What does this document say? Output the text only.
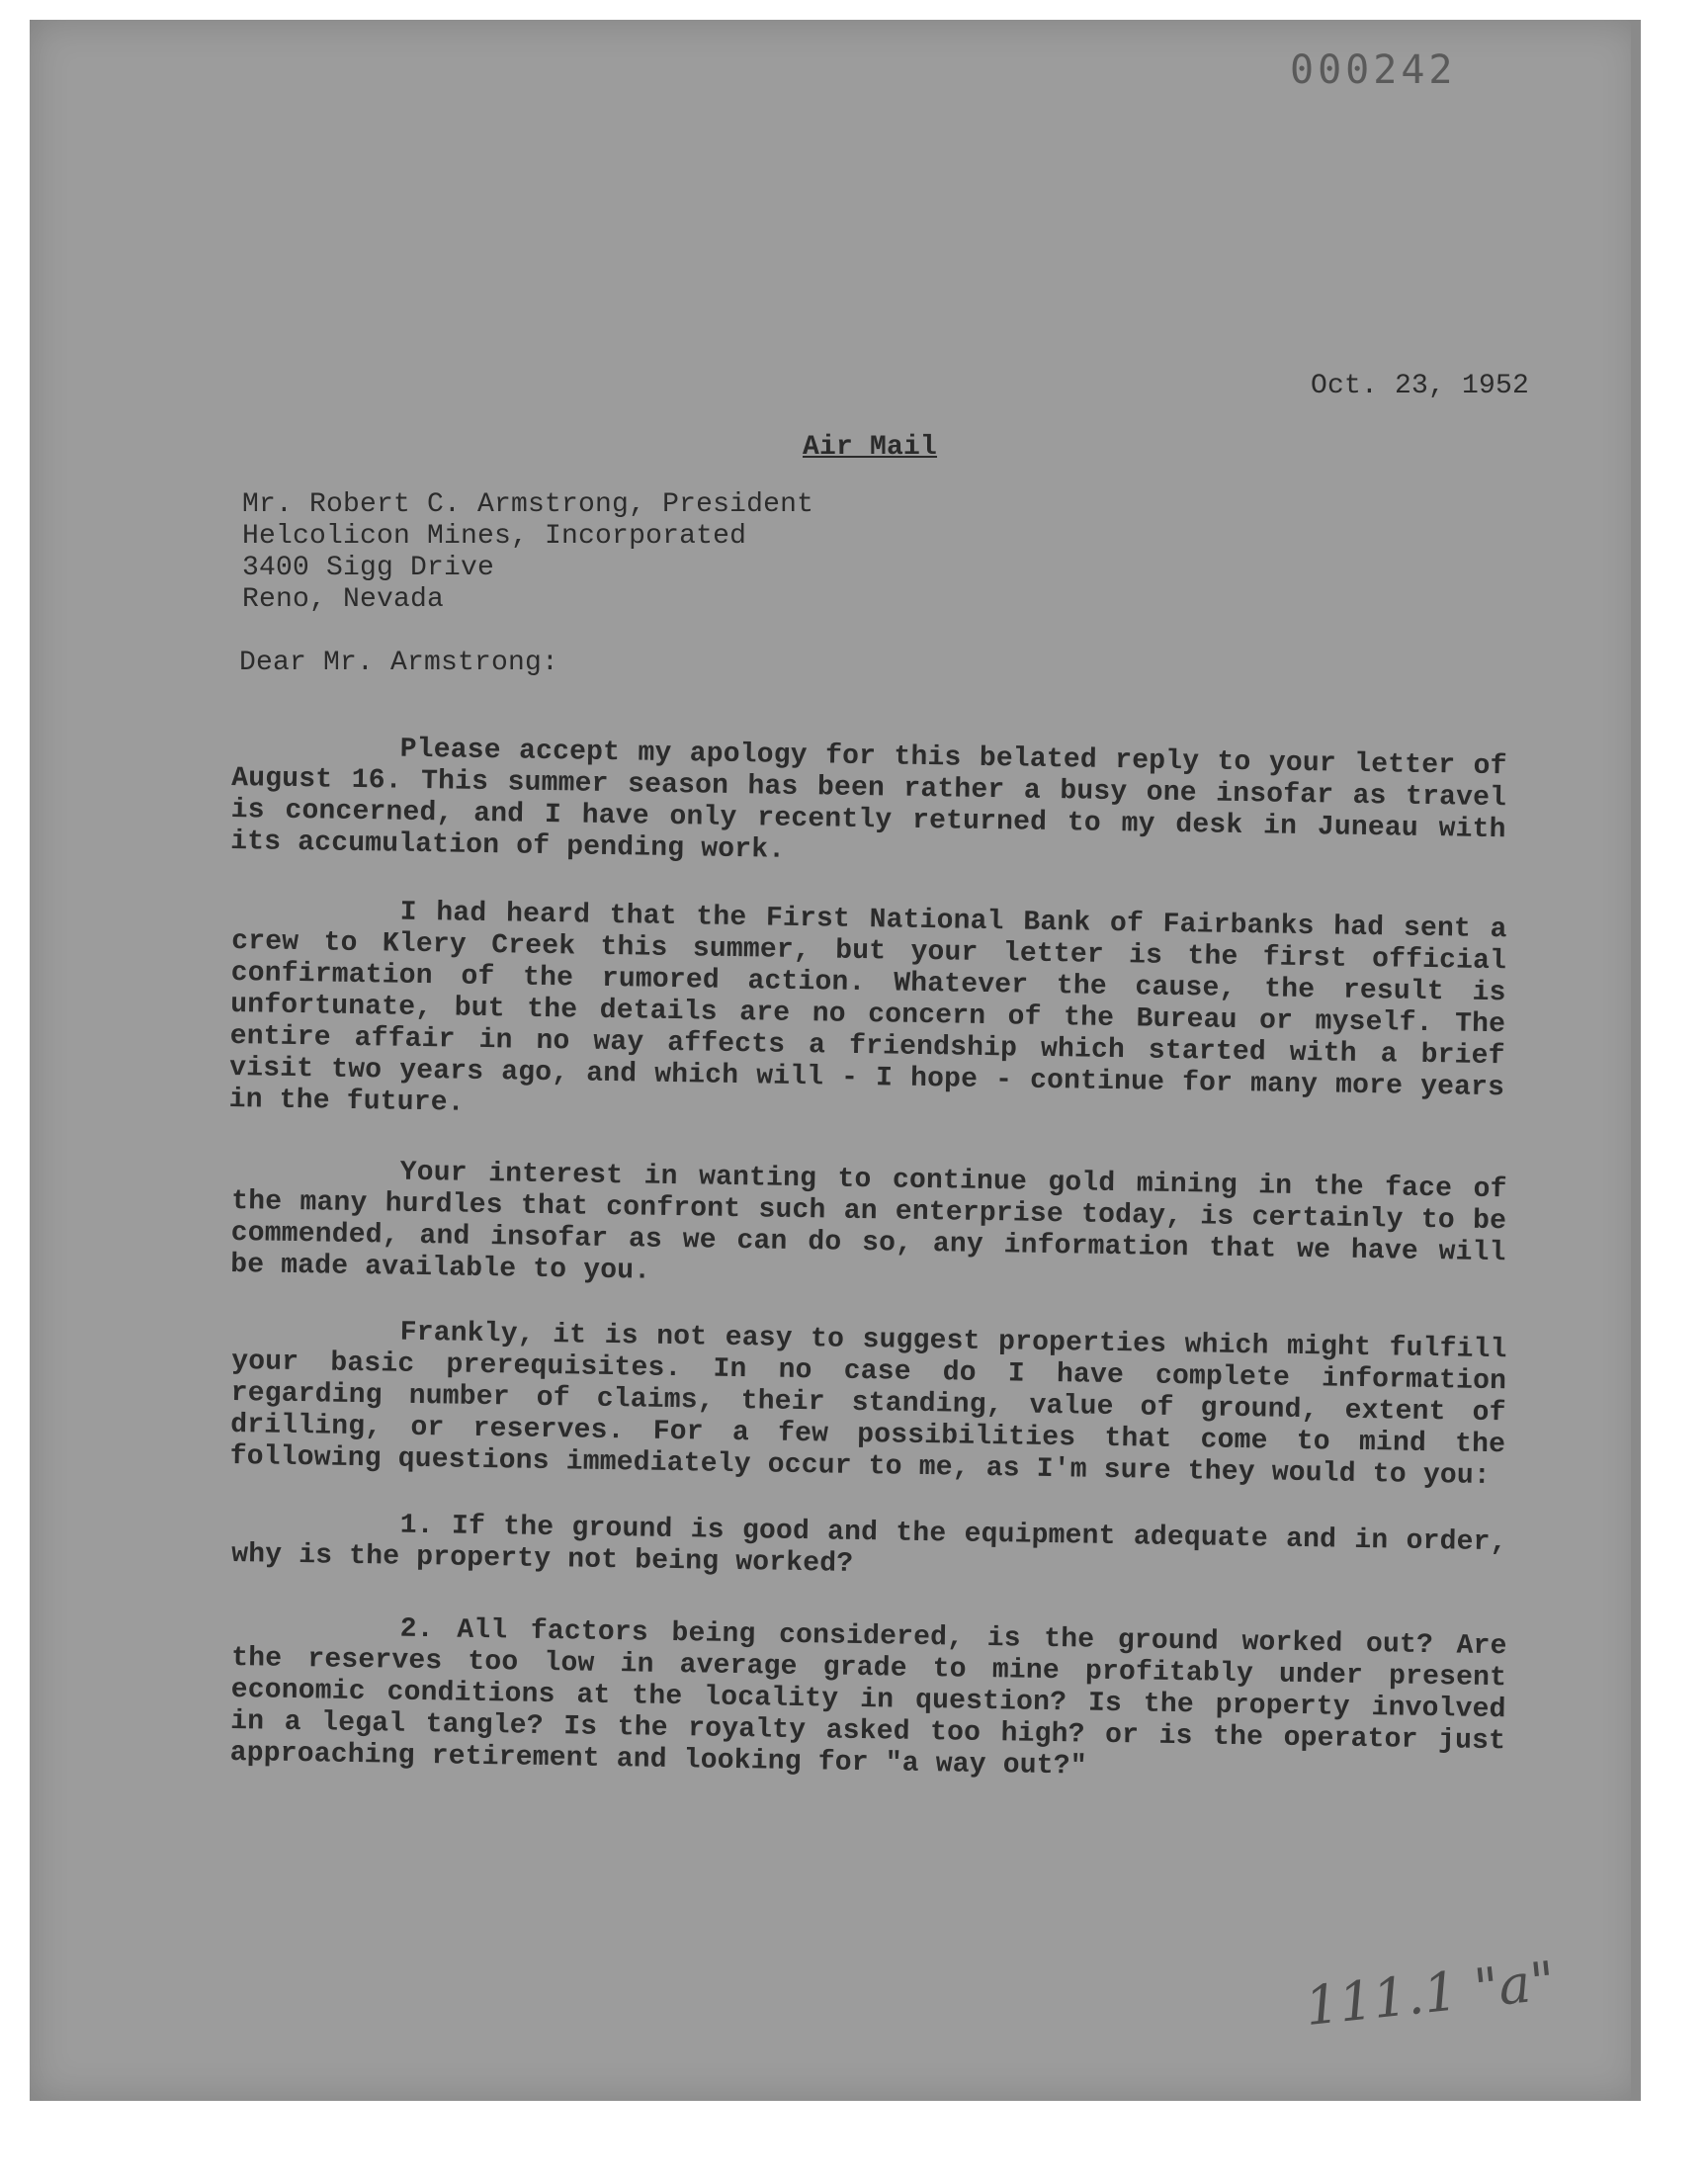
000242

Oct. 23, 1952

Air Mail

Mr. Robert C. Armstrong, President
Helcolicon Mines, Incorporated
3400 Sigg Drive
Reno, Nevada

Dear Mr. Armstrong:

Please accept my apology for this belated reply to your letter of August 16. This summer season has been rather a busy one insofar as travel is concerned, and I have only recently returned to my desk in Juneau with its accumulation of pending work.

I had heard that the First National Bank of Fairbanks had sent a crew to Klery Creek this summer, but your letter is the first official confirmation of the rumored action. Whatever the cause, the result is unfortunate, but the details are no concern of the Bureau or myself. The entire affair in no way affects a friendship which started with a brief visit two years ago, and which will - I hope - continue for many more years in the future.

Your interest in wanting to continue gold mining in the face of the many hurdles that confront such an enterprise today, is certainly to be commended, and insofar as we can do so, any information that we have will be made available to you.

Frankly, it is not easy to suggest properties which might fulfill your basic prerequisites. In no case do I have complete information regarding number of claims, their standing, value of ground, extent of drilling, or reserves. For a few possibilities that come to mind the following questions immediately occur to me, as I'm sure they would to you:

1. If the ground is good and the equipment adequate and in order, why is the property not being worked?

2. All factors being considered, is the ground worked out? Are the reserves too low in average grade to mine profitably under present economic conditions at the locality in question? Is the property involved in a legal tangle? Is the royalty asked too high? or is the operator just approaching retirement and looking for "a way out?"

111.1 "a"
